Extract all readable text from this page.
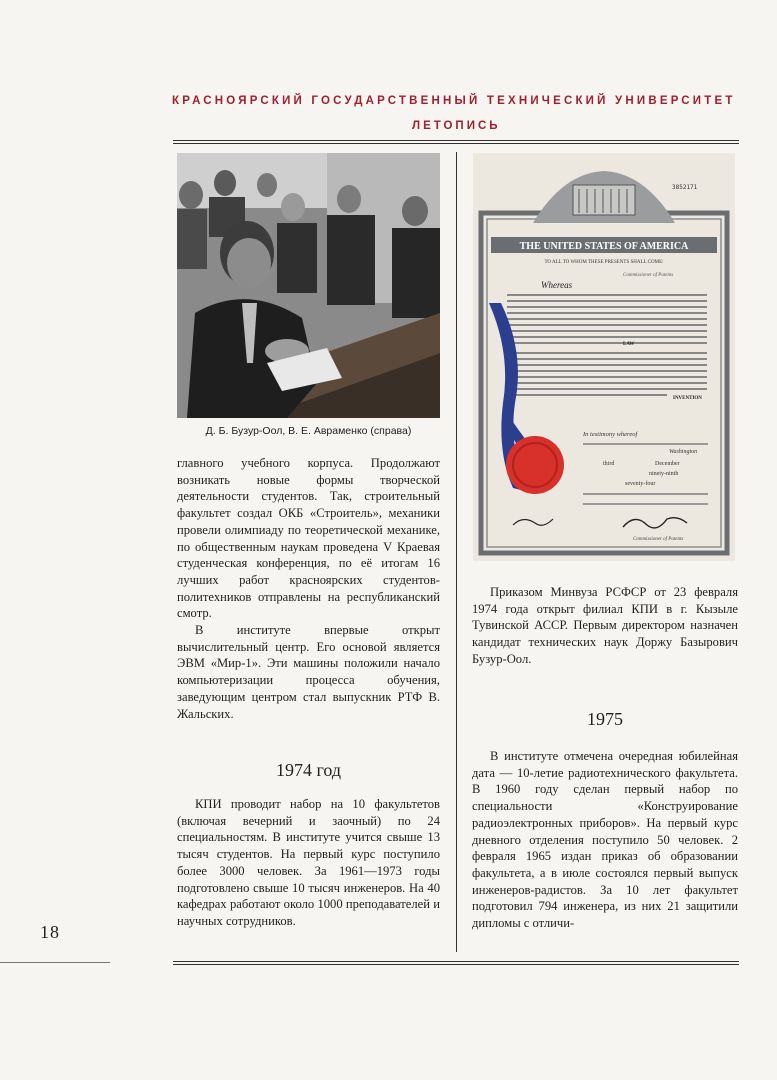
КРАСНОЯРСКИЙ ГОСУДАРСТВЕННЫЙ ТЕХНИЧЕСКИЙ УНИВЕРСИТЕТ
ЛЕТОПИСЬ
Д. Б. Бузур-Оол, В. Е. Авраменко (справа)
3852171
THE UNITED STATES OF AMERICA
TO ALL TO WHOM THESE PRESENTS SHALL COME:
Whereas
Commissioner of Patents
LAW
INVENTION
In testimony whereof
Washington
third	December
seventy-four
ninety-ninth
Commissioner of Patents

главного учебного корпуса. Продолжают возникать новые формы творческой деятельности студентов. Так, строительный факультет создал ОКБ «Строитель», механики провели олимпиаду по теоретической механике, по общественным наукам проведена V Краевая студенческая конференция, по её итогам 16 лучших работ красноярских студентов-политехников отправлены на республиканский смотр.

В институте впервые открыт вычислительный центр. Его основой является ЭВМ «Мир-1». Эти машины положили начало компьютеризации процесса обучения, заведующим центром стал выпускник РТФ В. Жальских.

1974 год

КПИ проводит набор на 10 факультетов (включая вечерний и заочный) по 24 специальностям. В институте учится свыше 13 тысяч студентов. На первый курс поступило более 3000 человек. За 1961—1973 годы подготовлено свыше 10 тысяч инженеров. На 40 кафедрах работают около 1000 преподавателей и научных сотрудников.

Приказом Минвуза РСФСР от 23 февраля 1974 года открыт филиал КПИ в г. Кызыле Тувинской АССР. Первым директором назначен кандидат технических наук Доржу Базырович Бузур-Оол.

1975

В институте отмечена очередная юбилейная дата — 10-летие радиотехнического факультета. В 1960 году сделан первый набор по специальности «Конструирование радиоэлектронных приборов». На первый курс дневного отделения поступило 50 человек. 2 февраля 1965 издан приказ об образовании факультета, а в июле состоялся первый выпуск инженеров-радистов. За 10 лет факультет подготовил 794 инженера, из них 21 защитили дипломы с отличи-

18
